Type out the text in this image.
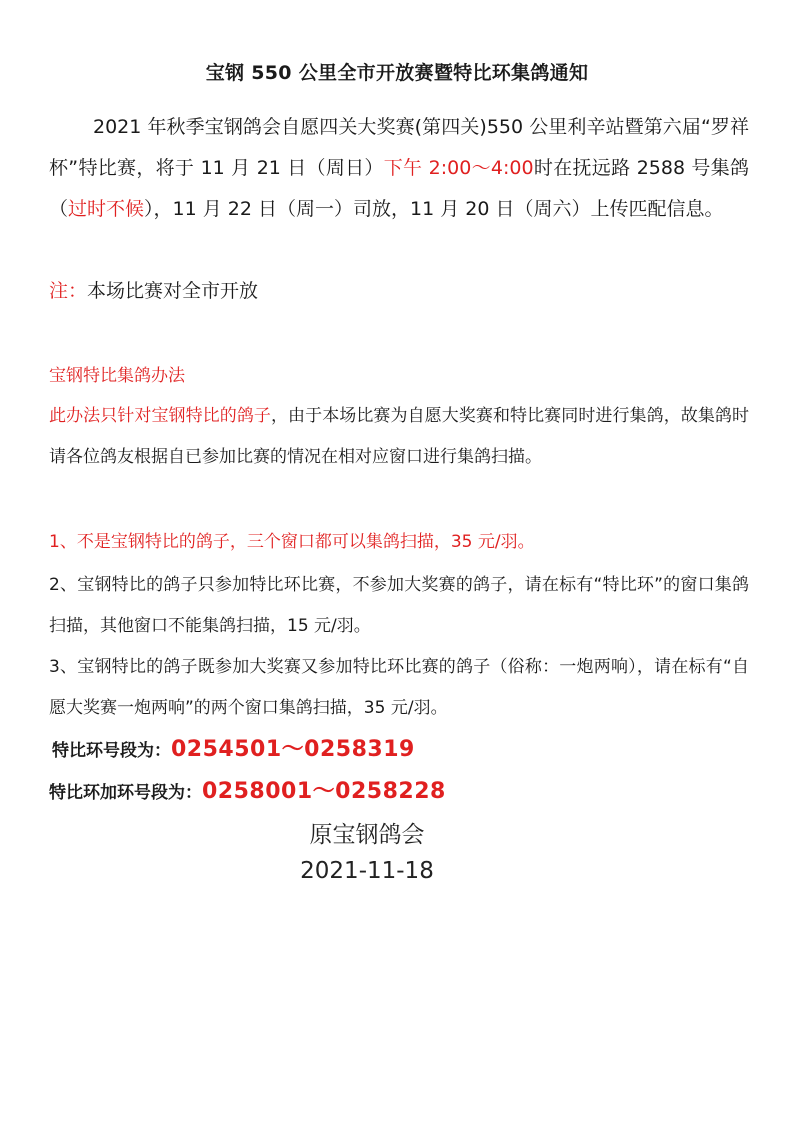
宝钢 550 公里全市开放赛暨特比环集鸽通知
2021 年秋季宝钢鸽会自愿四关大奖赛(第四关)550 公里利辛站暨第六届“罗祥杯”特比赛，将于 11 月 21 日（周日）下午 2:00～4:00时在抚远路 2588 号集鸽（过时不候），11 月 22 日（周一）司放，11 月 20 日（周六）上传匹配信息。
注：本场比赛对全市开放
宝钢特比集鸽办法
此办法只针对宝钢特比的鸽子，由于本场比赛为自愿大奖赛和特比赛同时进行集鸽，故集鸽时请各位鸽友根据自已参加比赛的情况在相对应窗口进行集鸽扫描。
1、不是宝钢特比的鸽子，三个窗口都可以集鸽扫描，35 元/羽。
2、宝钢特比的鸽子只参加特比环比赛，不参加大奖赛的鸽子，请在标有“特比环”的窗口集鸽扫描，其他窗口不能集鸽扫描，15 元/羽。
3、宝钢特比的鸽子既参加大奖赛又参加特比环比赛的鸽子（俗称：一炮两响），请在标有“自愿大奖赛一炮两响”的两个窗口集鸽扫描，35 元/羽。
特比环号段为：0254501～0258319
特比环加环号段为：0258001～0258228
原宝钢鸽会
2021-11-18
